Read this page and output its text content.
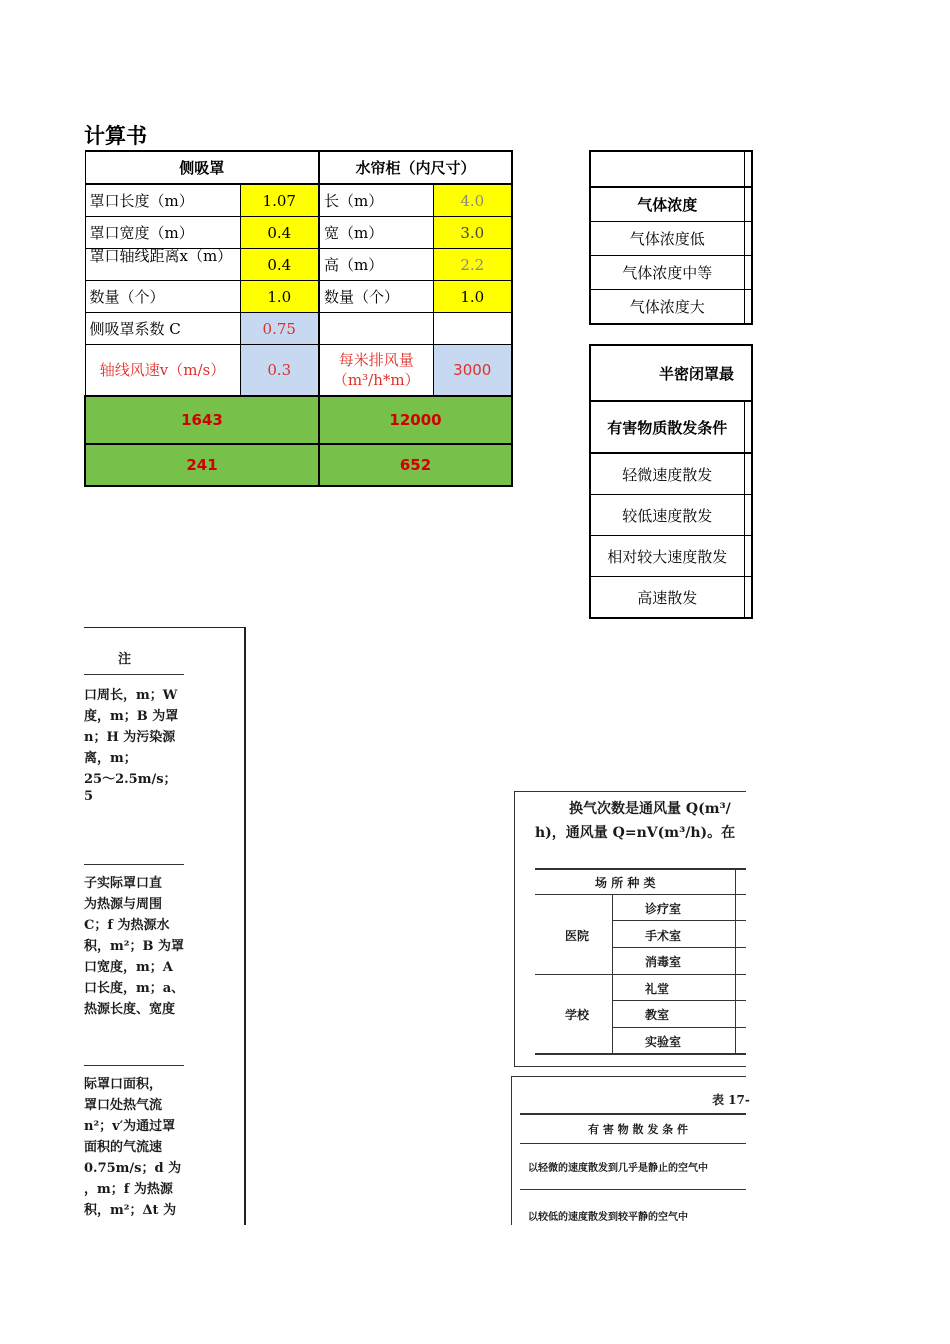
计算书
侧吸罩		水帘柜（内尺寸）	
罩口长度（m）	1.07	长（m）	4.0
罩口宽度（m）	0.4	宽（m）	3.0
罩口轴线距离x（m）	0.4	高（m）	2.2
数量（个）	1.0	数量（个）	1.0
侧吸罩系数 C	0.75		
轴线风速v（m/s）	0.3	每米排风量（m³/h*m）	3000
1643		12000	
241		652	

气体浓度	
气体浓度低	
气体浓度中等	
气体浓度大	
半密闭罩最	
有害物质散发条件	
轻微速度散发	
较低速度散发	
相对较大速度散发	
高速散发	
注
口周长，m；W
度，m；B 为罩
n；H 为污染源
离，m；
25～2.5m/s；
5
子实际罩口直
为热源与周围
C；f 为热源水
积，m²；B 为罩
口宽度，m；A
口长度，m；a、
热源长度、宽度
际罩口面积，
罩口处热气流
n²；v′为通过罩
面积的气流速
0.75m/s；d 为
，m；f 为热源
积，m²；Δt 为
换气次数是通风量 Q(m³/
h)，通风量 Q=nV(m³/h)。在
场 所 种 类
医院
诊疗室
手术室
消毒室
学校
礼堂
教室
实验室
表 17-
有 害 物 散 发 条 件
以轻微的速度散发到几乎是静止的空气中
以较低的速度散发到较平静的空气中
